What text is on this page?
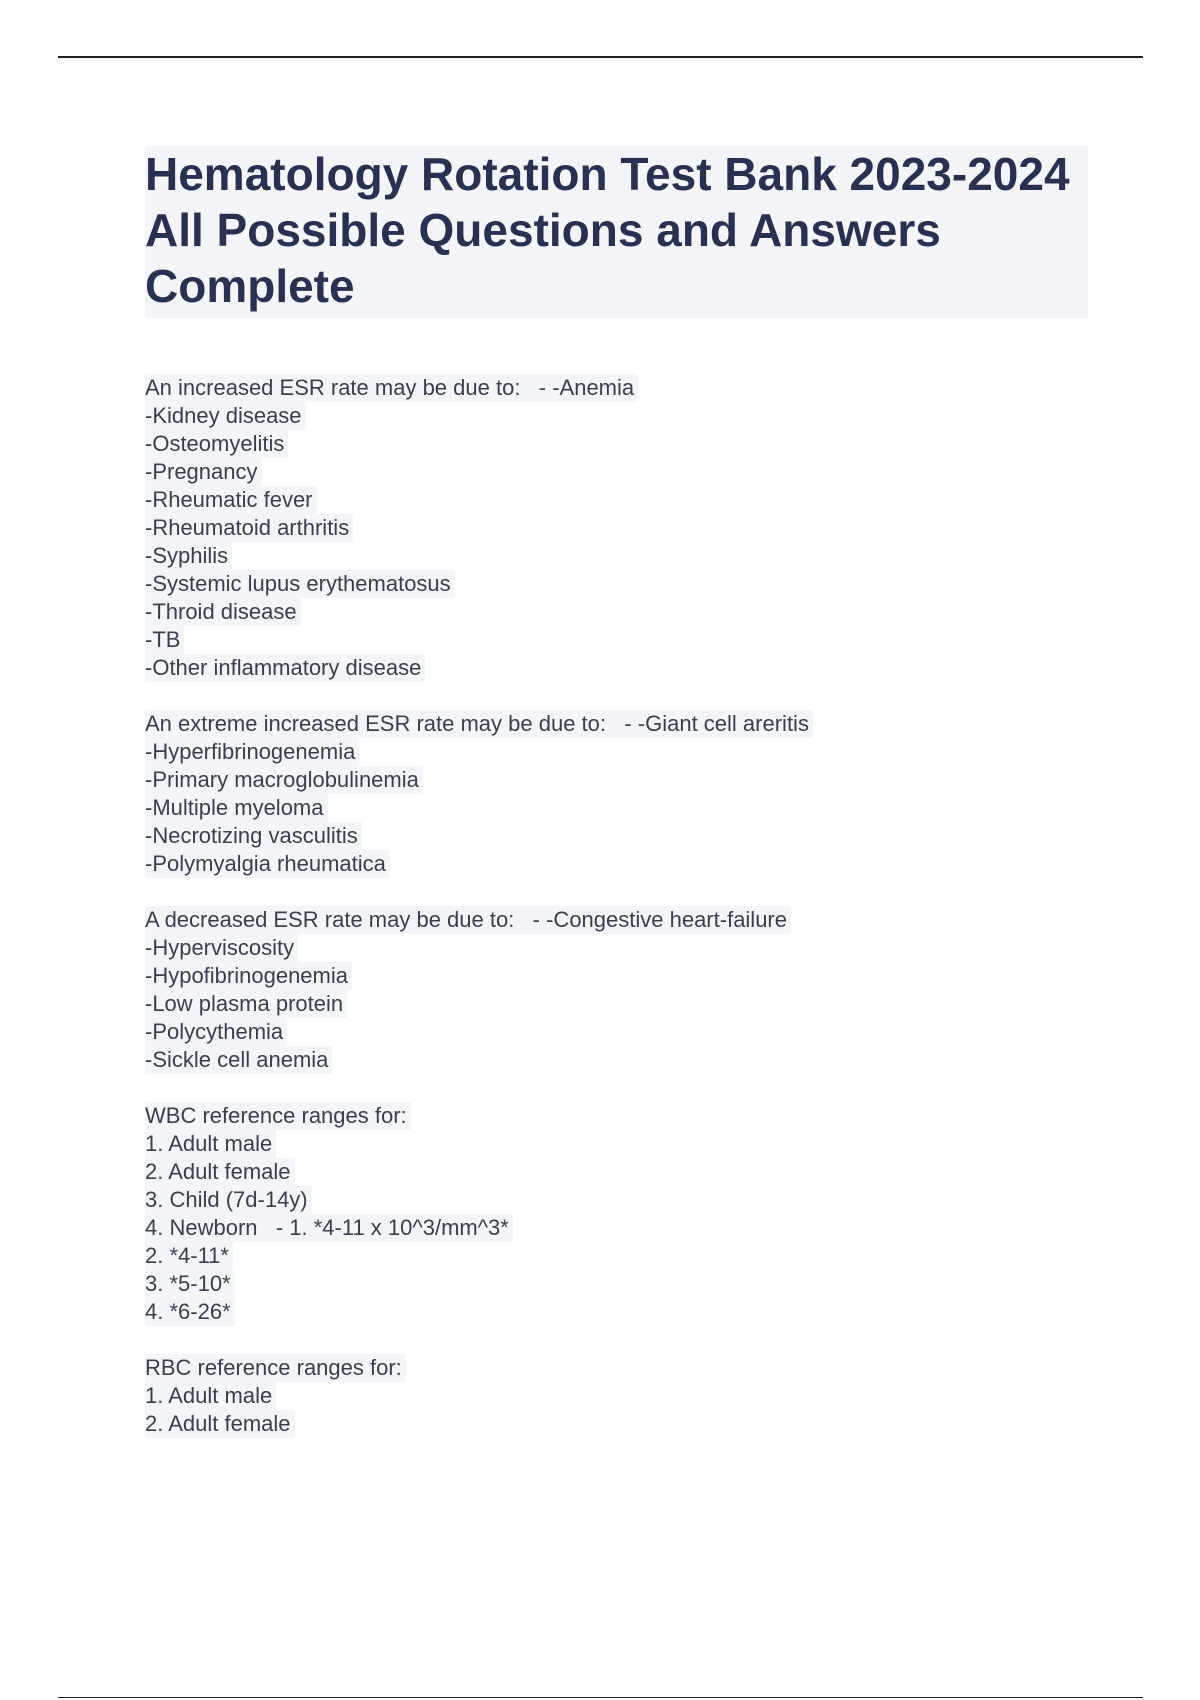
Hematology Rotation Test Bank 2023-2024 All Possible Questions and Answers Complete
An increased ESR rate may be due to:   - -Anemia
-Kidney disease
-Osteomyelitis
-Pregnancy
-Rheumatic fever
-Rheumatoid arthritis
-Syphilis
-Systemic lupus erythematosus
-Throid disease
-TB
-Other inflammatory disease
An extreme increased ESR rate may be due to:   - -Giant cell areritis
-Hyperfibrinogenemia
-Primary macroglobulinemia
-Multiple myeloma
-Necrotizing vasculitis
-Polymyalgia rheumatica
A decreased ESR rate may be due to:   - -Congestive heart-failure
-Hyperviscosity
-Hypofibrinogenemia
-Low plasma protein
-Polycythemia
-Sickle cell anemia
WBC reference ranges for:
1. Adult male
2. Adult female
3. Child (7d-14y)
4. Newborn   - 1. *4-11 x 10^3/mm^3*
2. *4-11*
3. *5-10*
4. *6-26*
RBC reference ranges for:
1. Adult male
2. Adult female
